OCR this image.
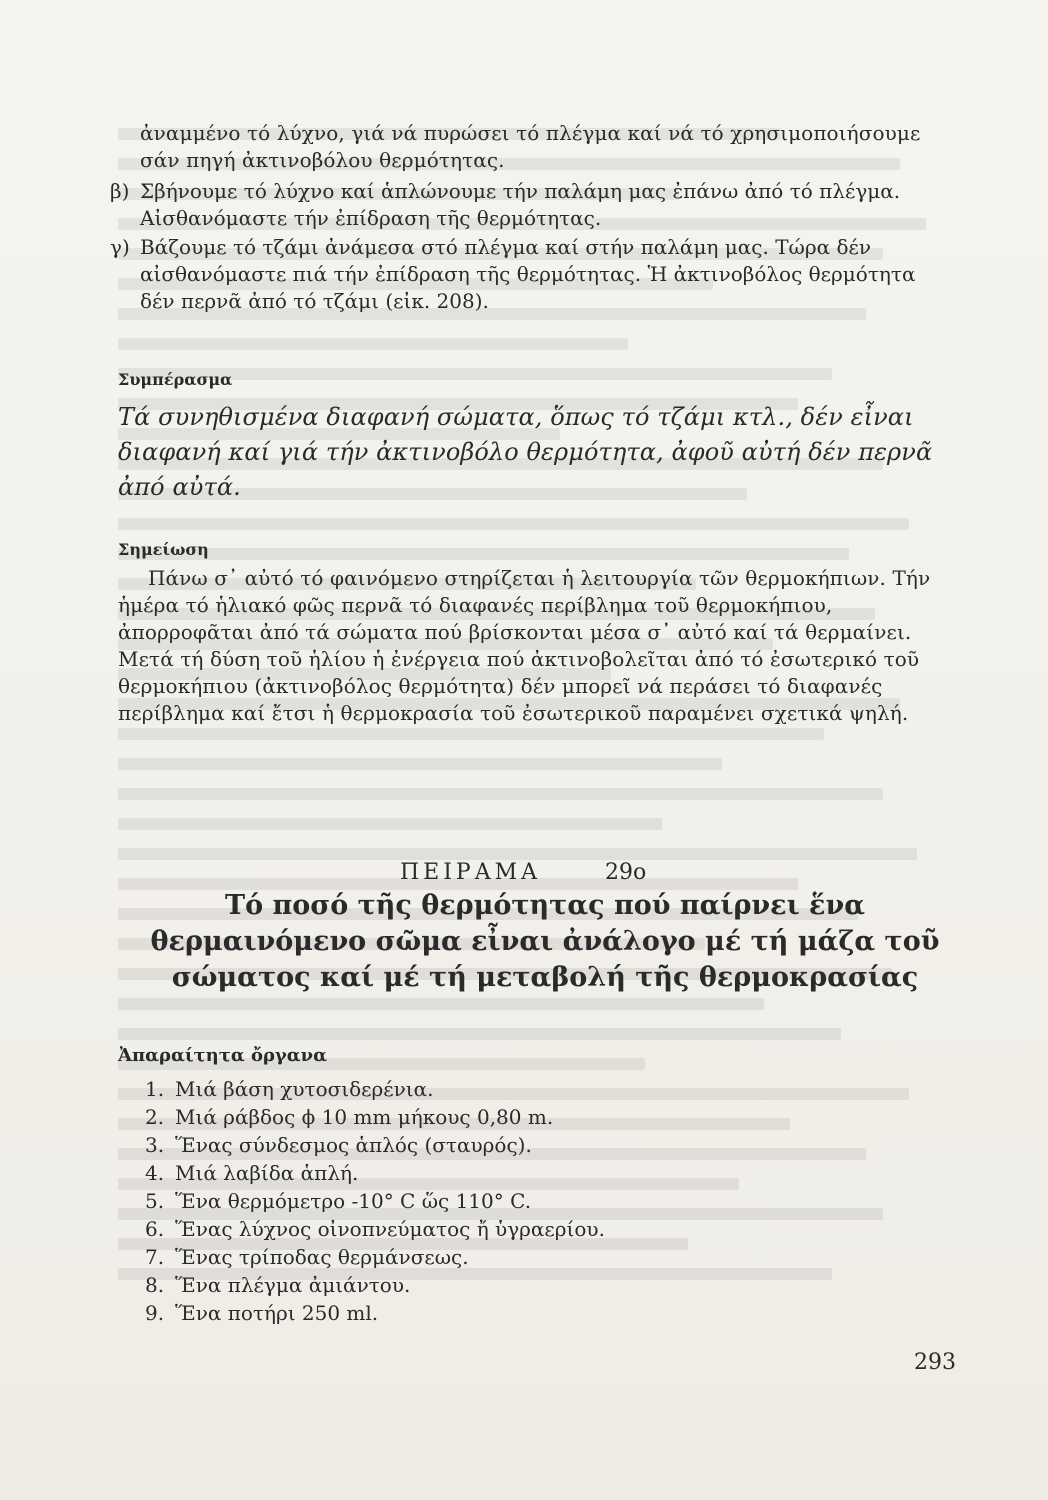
ἀναμμένο τό λύχνο, γιά νά πυρώσει τό πλέγμα καί νά τό χρησιμοποιήσουμε σάν πηγή ἀκτινοβόλου θερμότητας.

β) Σβήνουμε τό λύχνο καί ἁπλώνουμε τήν παλάμη μας ἐπάνω ἀπό τό πλέγμα. Αἰσθανόμαστε τήν ἐπίδραση τῆς θερμότητας.
γ) Βάζουμε τό τζάμι ἀνάμεσα στό πλέγμα καί στήν παλάμη μας. Τώρα δέν αἰσθανόμαστε πιά τήν ἐπίδραση τῆς θερμότητας. Ἡ ἀκτινοβόλος θερμότητα δέν περνᾶ ἀπό τό τζάμι (εἰκ. 208).
Συμπέρασμα

Τά συνηθισμένα διαφανή σώματα, ὅπως τό τζάμι κτλ., δέν εἶναι διαφανή καί γιά τήν ἀκτινοβόλο θερμότητα, ἀφοῦ αὐτή δέν περνᾶ ἀπό αὐτά.

Σημείωση

Πάνω σ᾽ αὐτό τό φαινόμενο στηρίζεται ἡ λειτουργία τῶν θερμοκήπιων. Τήν ἡμέρα τό ἡλιακό φῶς περνᾶ τό διαφανές περίβλημα τοῦ θερμοκήπιου, ἀπορροφᾶται ἀπό τά σώματα πού βρίσκονται μέσα σ᾽ αὐτό καί τά θερμαίνει. Μετά τή δύση τοῦ ἡλίου ἡ ἐνέργεια πού ἀκτινοβολεῖται ἀπό τό ἐσωτερικό τοῦ θερμοκήπιου (ἀκτινοβόλος θερμότητα) δέν μπορεῖ νά περάσει τό διαφανές περίβλημα καί ἔτσι ἡ θερμοκρασία τοῦ ἐσωτερικοῦ παραμένει σχετικά ψηλή.

ΠΕΙΡΑΜΑ	29ο

Τό ποσό τῆς θερμότητας πού παίρνει ἕνα θερμαινόμενο σῶμα εἶναι ἀνάλογο μέ τή μάζα τοῦ σώματος καί μέ τή μεταβολή τῆς θερμοκρασίας
Ἀπαραίτητα ὄργανα
1. Μιά βάση χυτοσιδερένια.
2. Μιά ράβδος ϕ 10 mm μήκους 0,80 m.
3. Ἕνας σύνδεσμος ἁπλός (σταυρός).
4. Μιά λαβίδα ἁπλή.
5. Ἕνα θερμόμετρο -10° C ὥς 110° C.
6. Ἕνας λύχνος οἰνοπνεύματος ἤ ὑγραερίου.
7. Ἕνας τρίποδας θερμάνσεως.
8. Ἕνα πλέγμα ἀμιάντου.
9. Ἕνα ποτήρι 250 ml.

293
